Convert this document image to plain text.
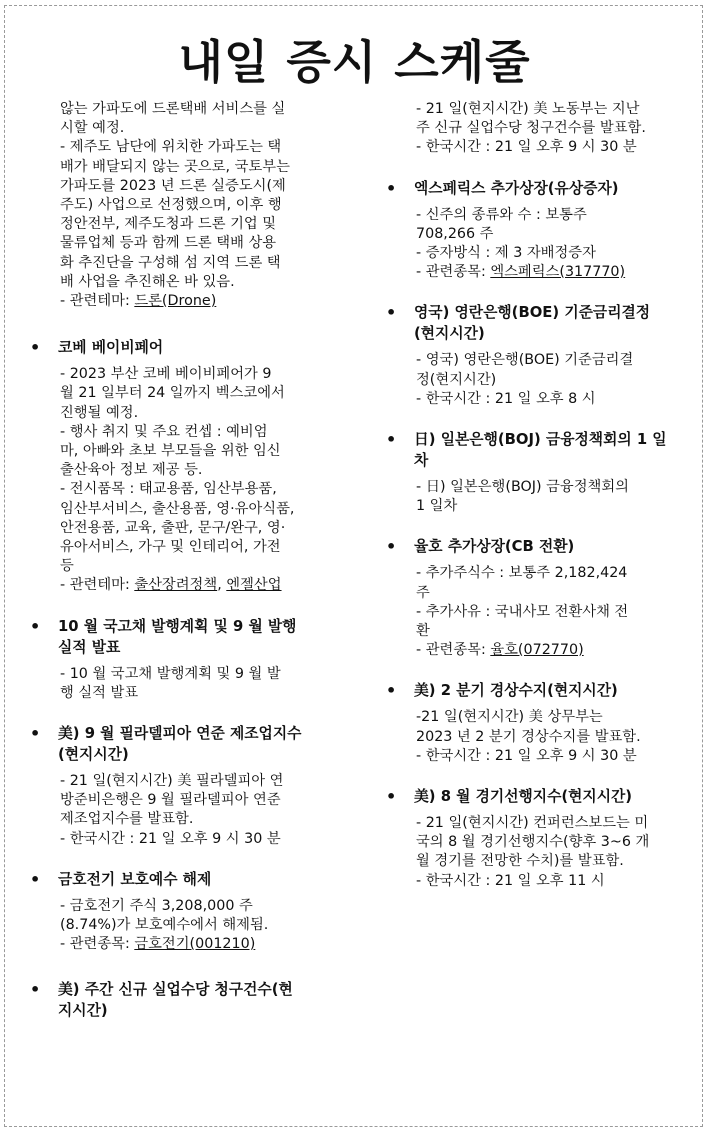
내일 증시 스케줄
않는 가파도에 드론택배 서비스를 실
시할 예정.
- 제주도 남단에 위치한 가파도는 택
배가 배달되지 않는 곳으로, 국토부는
가파도를 2023 년 드론 실증도시(제
주도) 사업으로 선정했으며, 이후 행
정안전부, 제주도청과 드론 기업 및
물류업체 등과 함께 드론 택배 상용
화 추진단을 구성해 섬 지역 드론 택
배 사업을 추진해온 바 있음.
- 관련테마: 드론(Drone)
• 코베 베이비페어
- 2023 부산 코베 베이비페어가 9
월 21 일부터 24 일까지 벡스코에서
진행될 예정.
- 행사 취지 및 주요 컨셉 : 예비엄
마, 아빠와 초보 부모들을 위한 임신
출산육아 정보 제공 등.
- 전시품목 : 태교용품, 임산부용품,
임산부서비스, 출산용품, 영·유아식품,
안전용품, 교육, 출판, 문구/완구, 영·
유아서비스, 가구 및 인테리어, 가전
등
- 관련테마: 출산장려정책, 엔젤산업
• 10 월 국고채 발행계획 및 9 월 발행
실적 발표
- 10 월 국고채 발행계획 및 9 월 발
행 실적 발표
• 美) 9 월 필라델피아 연준 제조업지수
(현지시간)
- 21 일(현지시간) 美 필라델피아 연
방준비은행은 9 월 필라델피아 연준
제조업지수를 발표함.
- 한국시간 : 21 일 오후 9 시 30 분
• 금호전기 보호예수 해제
- 금호전기 주식 3,208,000 주
(8.74%)가 보호예수에서 해제됨.
- 관련종목: 금호전기(001210)
• 美) 주간 신규 실업수당 청구건수(현
지시간)
- 21 일(현지시간) 美 노동부는 지난
주 신규 실업수당 청구건수를 발표함.
- 한국시간 : 21 일 오후 9 시 30 분
• 엑스페릭스 추가상장(유상증자)
- 신주의 종류와 수 : 보통주
708,266 주
- 증자방식 : 제 3 자배정증자
- 관련종목: 엑스페릭스(317770)
• 영국) 영란은행(BOE) 기준금리결정
(현지시간)
- 영국) 영란은행(BOE) 기준금리결
정(현지시간)
- 한국시간 : 21 일 오후 8 시
• 日) 일본은행(BOJ) 금융정책회의 1 일
차
- 日) 일본은행(BOJ) 금융정책회의
1 일차
• 율호 추가상장(CB 전환)
- 추가주식수 : 보통주 2,182,424
주
- 추가사유 : 국내사모 전환사채 전
환
- 관련종목: 율호(072770)
• 美) 2 분기 경상수지(현지시간)
-21 일(현지시간) 美 상무부는
2023 년 2 분기 경상수지를 발표함.
- 한국시간 : 21 일 오후 9 시 30 분
• 美) 8 월 경기선행지수(현지시간)
- 21 일(현지시간) 컨퍼런스보드는 미
국의 8 월 경기선행지수(향후 3~6 개
월 경기를 전망한 수치)를 발표함.
- 한국시간 : 21 일 오후 11 시
